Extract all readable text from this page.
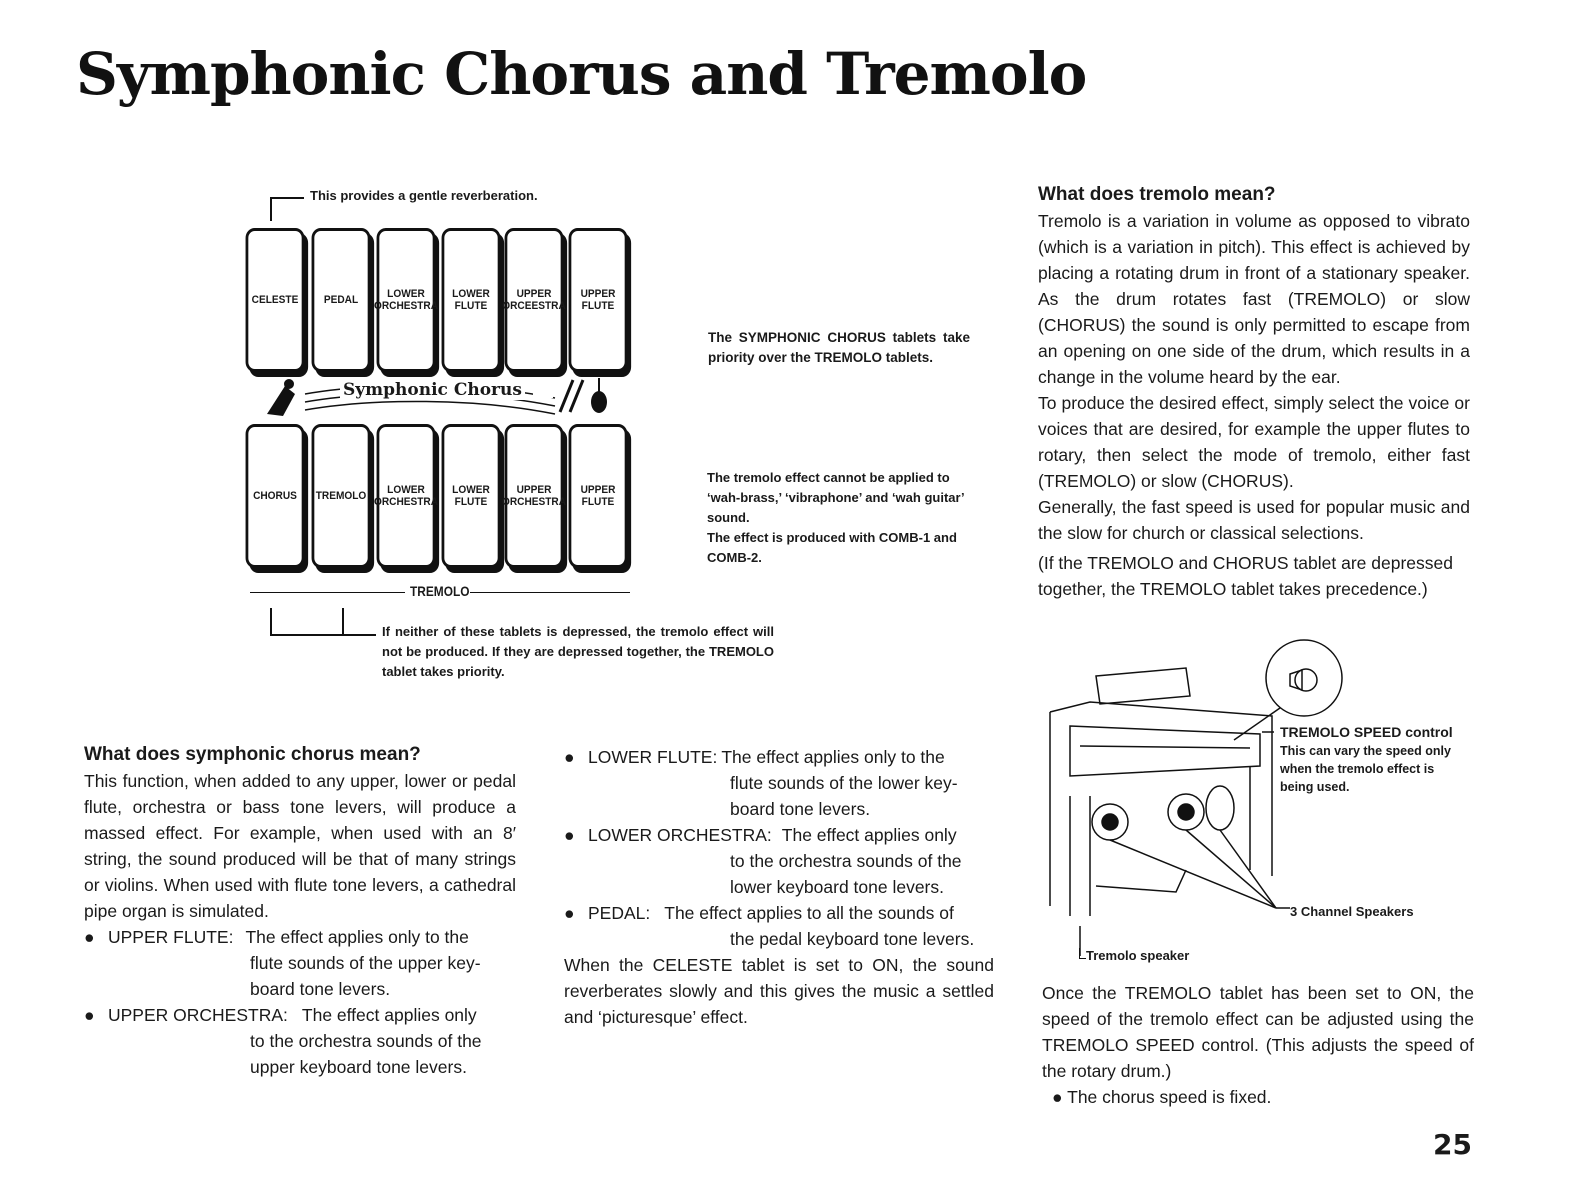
Symphonic Chorus and Tremolo
This provides a gentle reverberation.
CELESTE PEDAL	LOWER
ORCHESTRA
LOWER
FLUTE
UPPER
ORCEESTRA
UPPER
FLUTE
Symphonic Chorus
CHORUS TREMOLO	LOWER
ORCHESTRA
LOWER
FLUTE
UPPER
ORCHESTRA
UPPER
FLUTE
TREMOLO
If neither of these tablets is depressed, the tremolo effect will not be produced. If they are depressed together, the TREMOLO tablet takes priority.
The SYMPHONIC CHORUS tablets take priority over the TREMOLO tablets.
The tremolo effect cannot be applied to ‘wah-brass,’ ‘vibraphone’ and ‘wah guitar’ sound.
The effect is produced with COMB-1 and COMB-2.
What does symphonic chorus mean?
This function, when added to any upper, lower or pedal flute, orchestra or bass tone levers, will produce a massed effect. For example, when used with an 8′ string, the sound produced will be that of many strings or violins. When used with flute tone levers, a cathedral pipe organ is simulated.
● UPPER FLUTE: The effect applies only to the
flute sounds of the upper key-board tone levers.
● UPPER ORCHESTRA: The effect applies only
to the orchestra sounds of the upper keyboard tone levers.
● LOWER FLUTE: The effect applies only to the
flute sounds of the lower key-board tone levers.
● LOWER ORCHESTRA: The effect applies only
to the orchestra sounds of the lower keyboard tone levers.
● PEDAL: The effect applies to all the sounds of
the pedal keyboard tone levers.
When the CELESTE tablet is set to ON, the sound reverberates slowly and this gives the music a settled and ‘picturesque’ effect.
What does tremolo mean?
Tremolo is a variation in volume as opposed to vibrato (which is a variation in pitch). This effect is achieved by placing a rotating drum in front of a stationary speaker. As the drum rotates fast (TREMOLO) or slow (CHORUS) the sound is only permitted to escape from an opening on one side of the drum, which results in a change in the volume heard by the ear.
To produce the desired effect, simply select the voice or voices that are desired, for example the upper flutes to rotary, then select the mode of tremolo, either fast (TREMOLO) or slow (CHORUS).
Generally, the fast speed is used for popular music and the slow for church or classical selections.
(If the TREMOLO and CHORUS tablet are depressed together, the TREMOLO tablet takes precedence.)
TREMOLO SPEED control
This can vary the speed only when the tremolo effect is being used.
3 Channel Speakers
Tremolo speaker
Once the TREMOLO tablet has been set to ON, the speed of the tremolo effect can be adjusted using the TREMOLO SPEED control. (This adjusts the speed of the rotary drum.)
● The chorus speed is fixed.
25
